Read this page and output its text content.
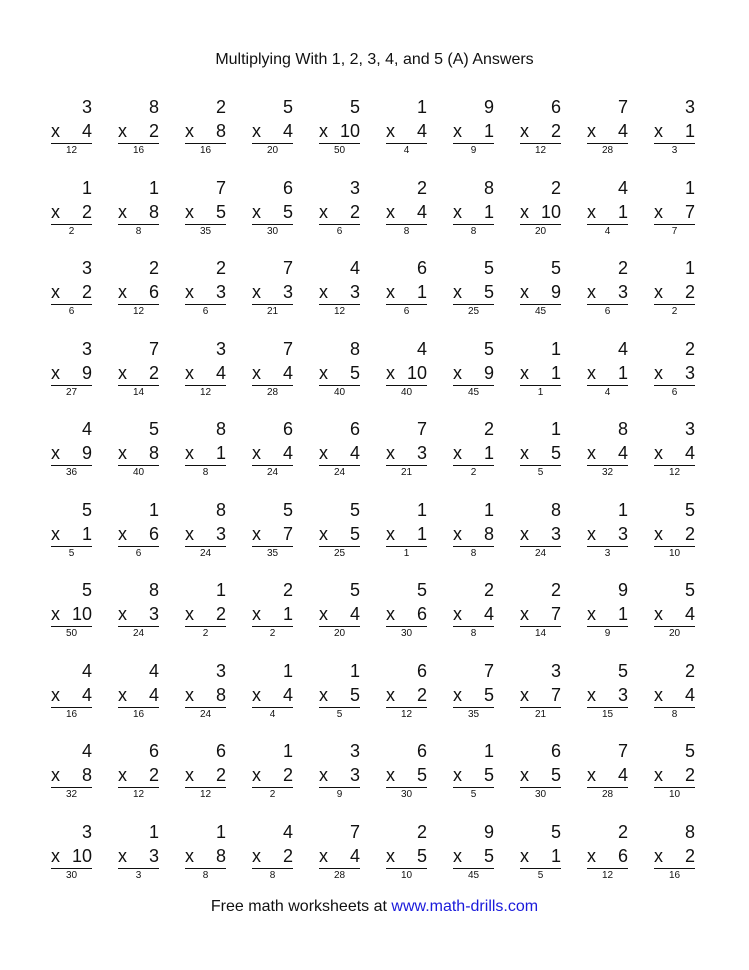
Multiplying With 1, 2, 3, 4, and 5 (A) Answers
3
x 4
12
8
x 2
16
2
x 8
16
5
x 4
20
5
x 10
50
1
x 4
4
9
x 1
9
6
x 2
12
7
x 4
28
3
x 1
3
1
x 2
2
1
x 8
8
7
x 5
35
6
x 5
30
3
x 2
6
2
x 4
8
8
x 1
8
2
x 10
20
4
x 1
4
1
x 7
7
3
x 2
6
2
x 6
12
2
x 3
6
7
x 3
21
4
x 3
12
6
x 1
6
5
x 5
25
5
x 9
45
2
x 3
6
1
x 2
2
3
x 9
27
7
x 2
14
3
x 4
12
7
x 4
28
8
x 5
40
4
x 10
40
5
x 9
45
1
x 1
1
4
x 1
4
2
x 3
6
4
x 9
36
5
x 8
40
8
x 1
8
6
x 4
24
6
x 4
24
7
x 3
21
2
x 1
2
1
x 5
5
8
x 4
32
3
x 4
12
5
x 1
5
1
x 6
6
8
x 3
24
5
x 7
35
5
x 5
25
1
x 1
1
1
x 8
8
8
x 3
24
1
x 3
3
5
x 2
10
5
x 10
50
8
x 3
24
1
x 2
2
2
x 1
2
5
x 4
20
5
x 6
30
2
x 4
8
2
x 7
14
9
x 1
9
5
x 4
20
4
x 4
16
4
x 4
16
3
x 8
24
1
x 4
4
1
x 5
5
6
x 2
12
7
x 5
35
3
x 7
21
5
x 3
15
2
x 4
8
4
x 8
32
6
x 2
12
6
x 2
12
1
x 2
2
3
x 3
9
6
x 5
30
1
x 5
5
6
x 5
30
7
x 4
28
5
x 2
10
3
x 10
30
1
x 3
3
1
x 8
8
4
x 2
8
7
x 4
28
2
x 5
10
9
x 5
45
5
x 1
5
2
x 6
12
8
x 2
16
Free math worksheets at www.math-drills.com
